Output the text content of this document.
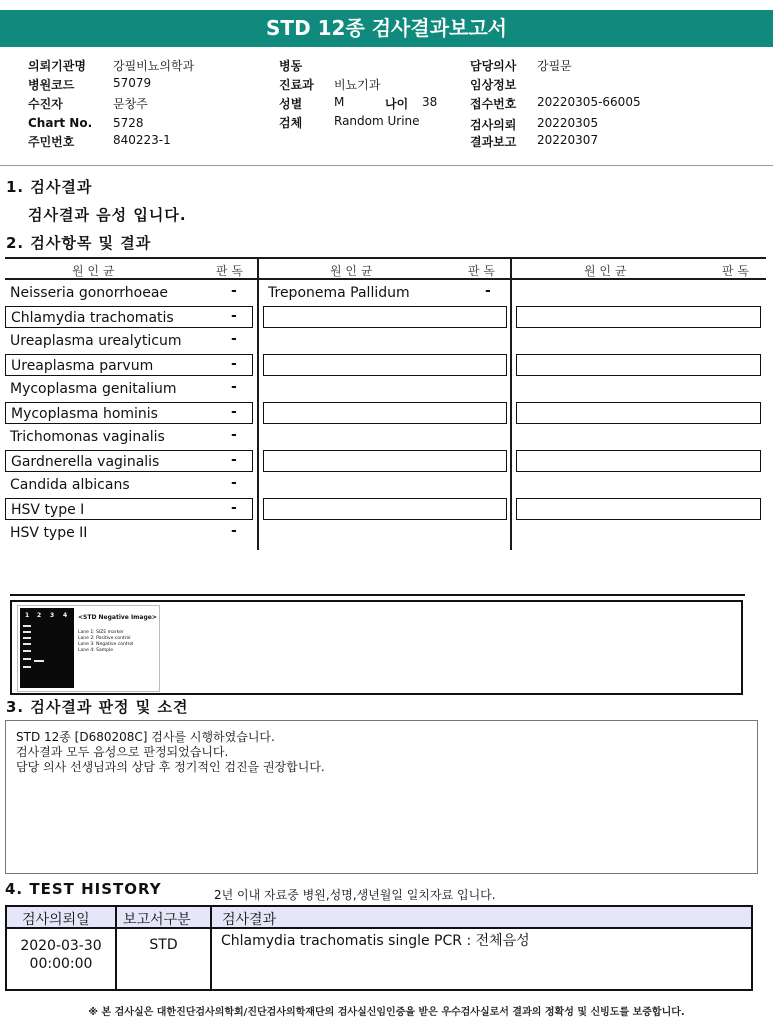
STD 12종 검사결과보고서
의뢰기관명 강필비뇨의학과
병원코드	57079
수진자	문창주
Chart No. 5728
주민번호	840223-1
병동
진료과 비뇨기과
성별	M	나이 38
검체	Random Urine
담당의사 강필문
임상정보
접수번호 20220305-66005
검사의뢰 20220305
결과보고 20220307
1. 검사결과
검사결과 음성 입니다.
2. 검사항목 및 결과
원 인 균	판 독	원 인 균	판 독	원 인 균	판 독
Neisseria gonorrhoeae	-
Chlamydia trachomatis	-
Ureaplasma urealyticum	-
Ureaplasma parvum	-
Mycoplasma genitalium	-
Mycoplasma hominis	-
Trichomonas vaginalis	-
Gardnerella vaginalis	-
Candida albicans	-
HSV type I	-
HSV type II	-
Treponema Pallidum	-
1 2 3 4 <STD Negative Image>
Lane 1: SIZE marker
Lane 2: Positive control
Lane 3: Negative control
Lane 4: Sample
3. 검사결과 판정 및 소견
STD 12종 [D680208C] 검사를 시행하였습니다.
검사결과 모두 음성으로 판정되었습니다.
담당 의사 선생님과의 상담 후 정기적인 검진을 권장합니다.
4. TEST HISTORY	2년 이내 자료중 병원,성명,생년월일 일치자료 입니다.
검사의뢰일 보고서구분 검사결과
2020-03-30
00:00:00
STD	Chlamydia trachomatis single PCR : 전체음성
※ 본 검사실은 대한진단검사의학회/진단검사의학재단의 검사실신임인증을 받은 우수검사실로서 결과의 정확성 및 신빙도를 보증합니다.
